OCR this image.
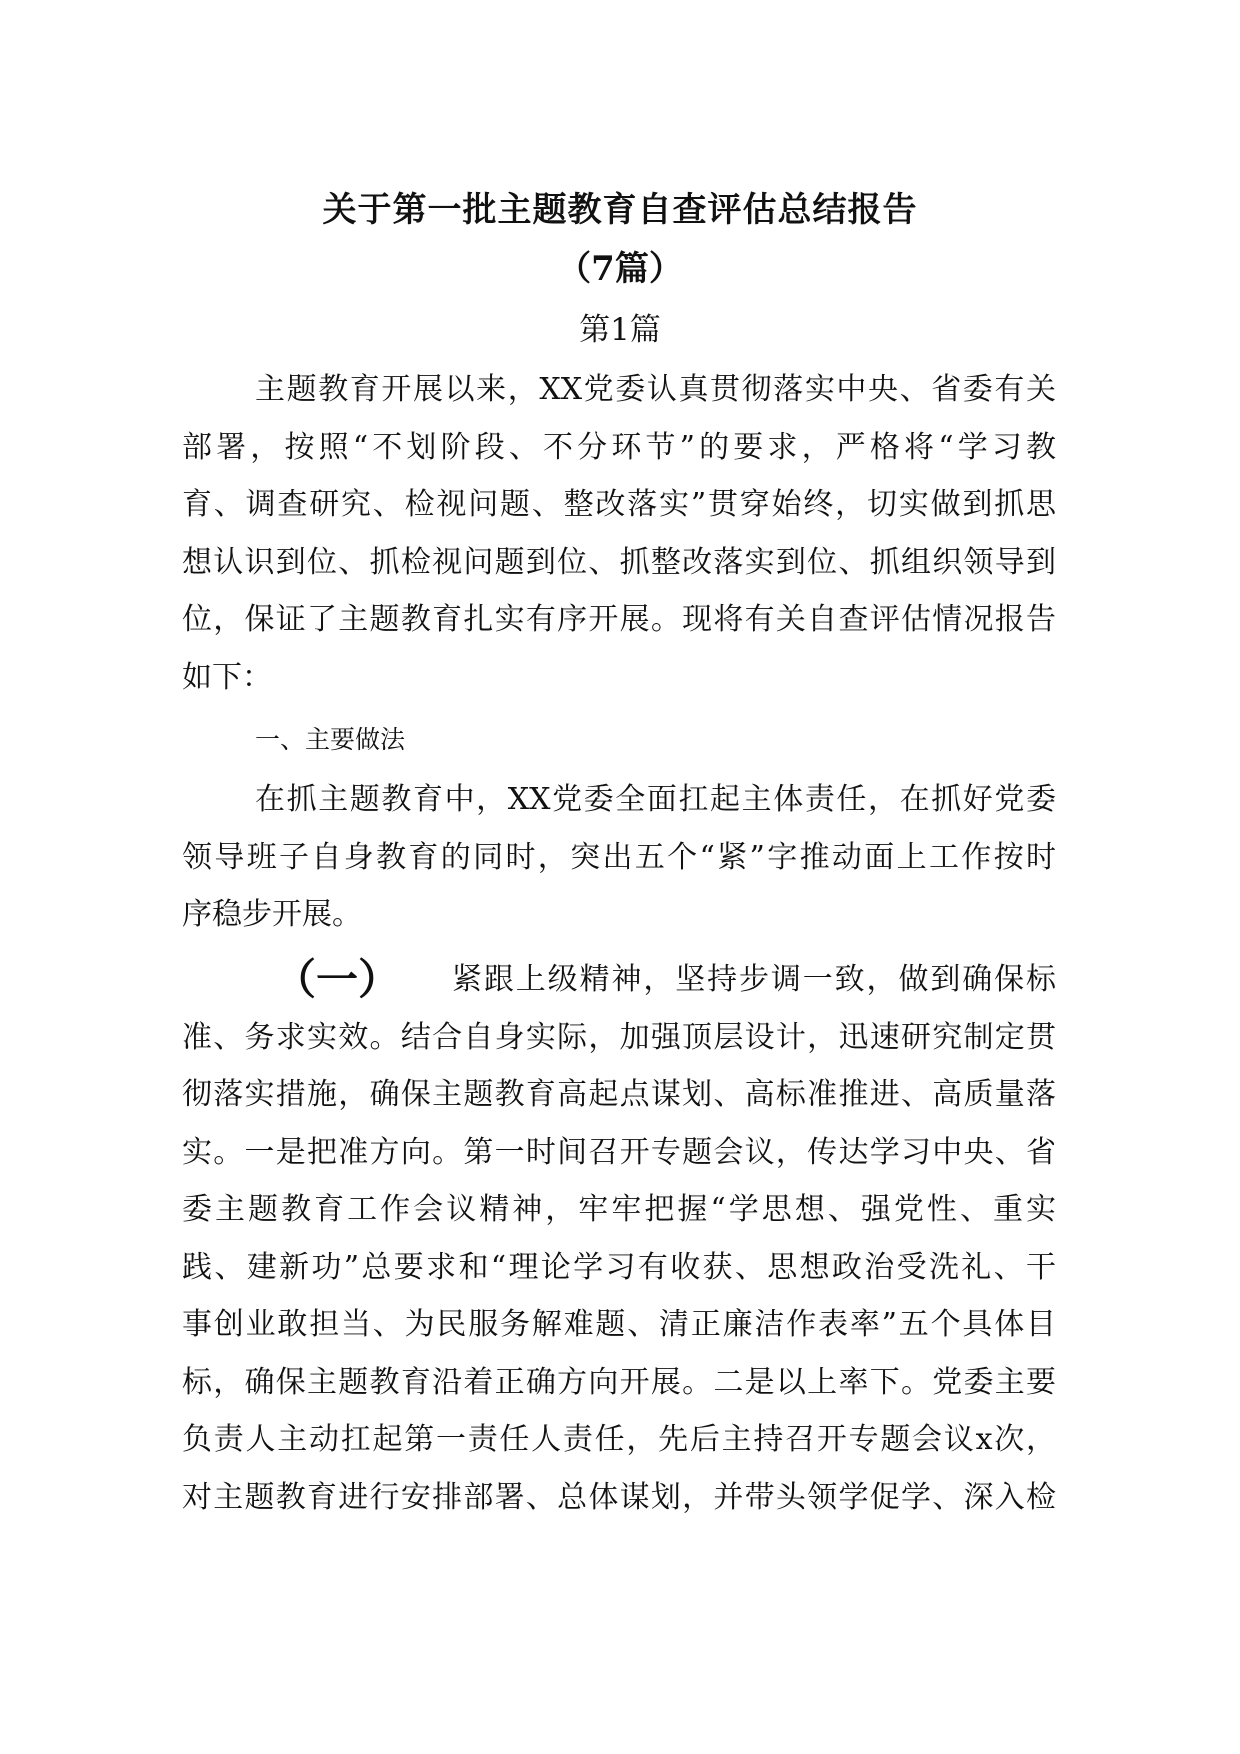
关于第一批主题教育自查评估总结报告
（7篇）
第1篇
主题教育开展以来，XX党委认真贯彻落实中央、省委有关
部署，按照“不划阶段、不分环节”的要求，严格将“学习教
育、调查研究、检视问题、整改落实”贯穿始终，切实做到抓思
想认识到位、抓检视问题到位、抓整改落实到位、抓组织领导到
位，保证了主题教育扎实有序开展。现将有关自查评估情况报告
如下：
一、主要做法
在抓主题教育中，XX党委全面扛起主体责任，在抓好党委
领导班子自身教育的同时，突出五个“紧”字推动面上工作按时
序稳步开展。
（一）	紧跟上级精神，坚持步调一致，做到确保标
准、务求实效。结合自身实际，加强顶层设计，迅速研究制定贯
彻落实措施，确保主题教育高起点谋划、高标准推进、高质量落
实。一是把准方向。第一时间召开专题会议，传达学习中央、省
委主题教育工作会议精神，牢牢把握“学思想、强党性、重实
践、建新功”总要求和“理论学习有收获、思想政治受洗礼、干
事创业敢担当、为民服务解难题、清正廉洁作表率”五个具体目
标，确保主题教育沿着正确方向开展。二是以上率下。党委主要
负责人主动扛起第一责任人责任，先后主持召开专题会议x次，
对主题教育进行安排部署、总体谋划，并带头领学促学、深入检
